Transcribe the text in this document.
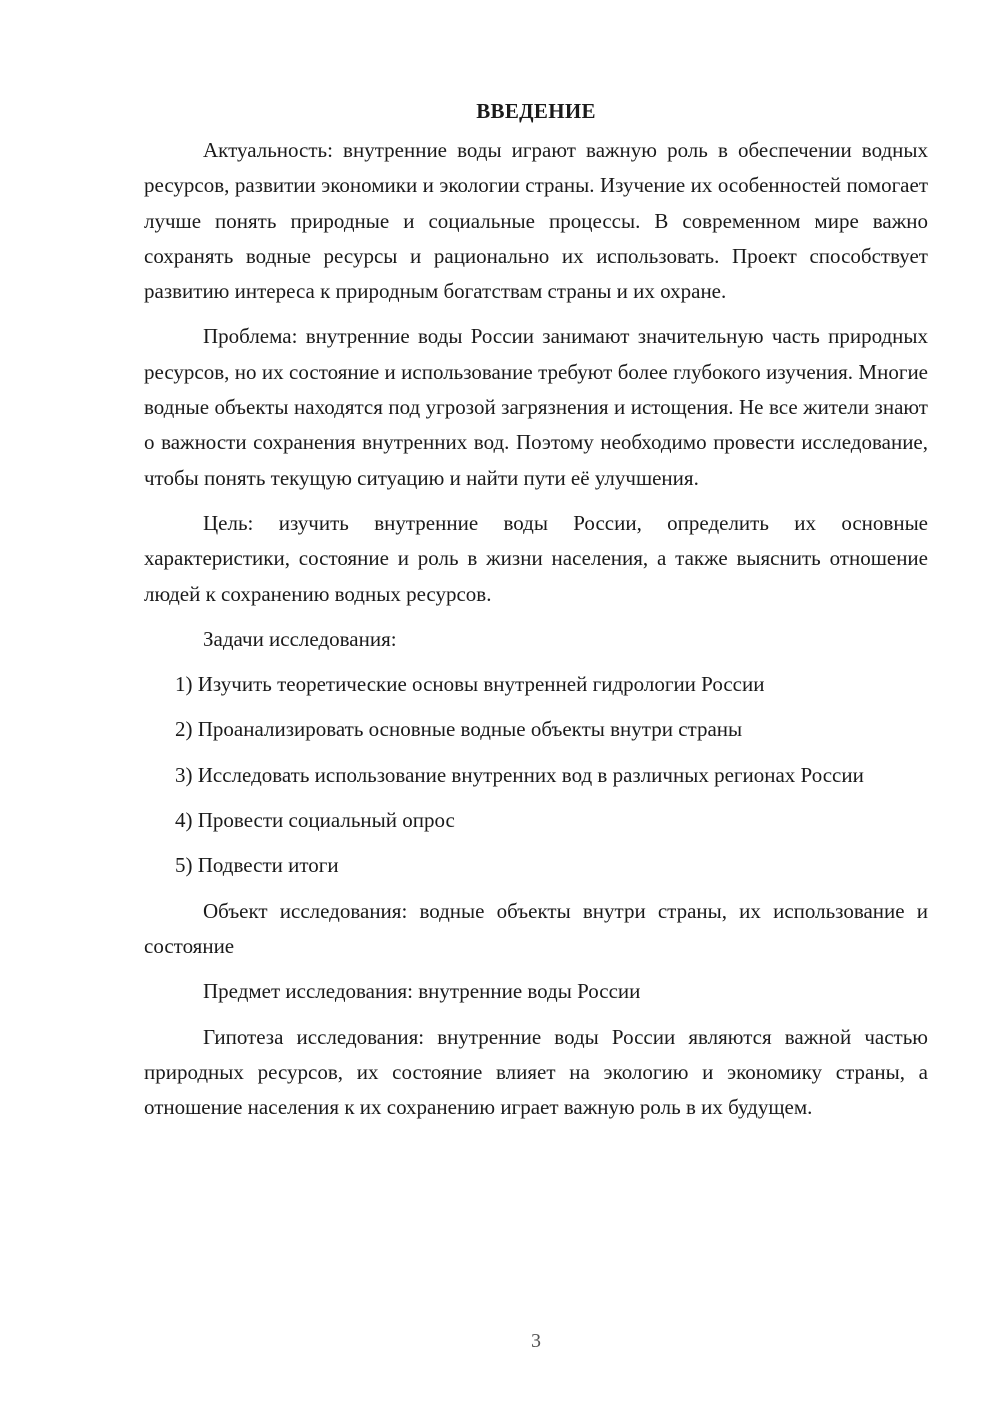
ВВЕДЕНИЕ

Актуальность: внутренние воды играют важную роль в обеспечении водных ресурсов, развитии экономики и экологии страны. Изучение их особенностей помогает лучше понять природные и социальные процессы. В современном мире важно сохранять водные ресурсы и рационально их использовать. Проект способствует развитию интереса к природным богатствам страны и их охране.

Проблема: внутренние воды России занимают значительную часть природных ресурсов, но их состояние и использование требуют более глубокого изучения. Многие водные объекты находятся под угрозой загрязнения и истощения. Не все жители знают о важности сохранения внутренних вод. Поэтому необходимо провести исследование, чтобы понять текущую ситуацию и найти пути её улучшения.

Цель: изучить внутренние воды России, определить их основные характеристики, состояние и роль в жизни населения, а также выяснить отношение людей к сохранению водных ресурсов.

Задачи исследования:

1) Изучить теоретические основы внутренней гидрологии России

2) Проанализировать основные водные объекты внутри страны

3) Исследовать использование внутренних вод в различных регионах России

4) Провести социальный опрос

5) Подвести итоги

Объект исследования: водные объекты внутри страны, их использование и состояние

Предмет исследования: внутренние воды России

Гипотеза исследования: внутренние воды России являются важной частью природных ресурсов, их состояние влияет на экологию и экономику страны, а отношение населения к их сохранению играет важную роль в их будущем.

3
